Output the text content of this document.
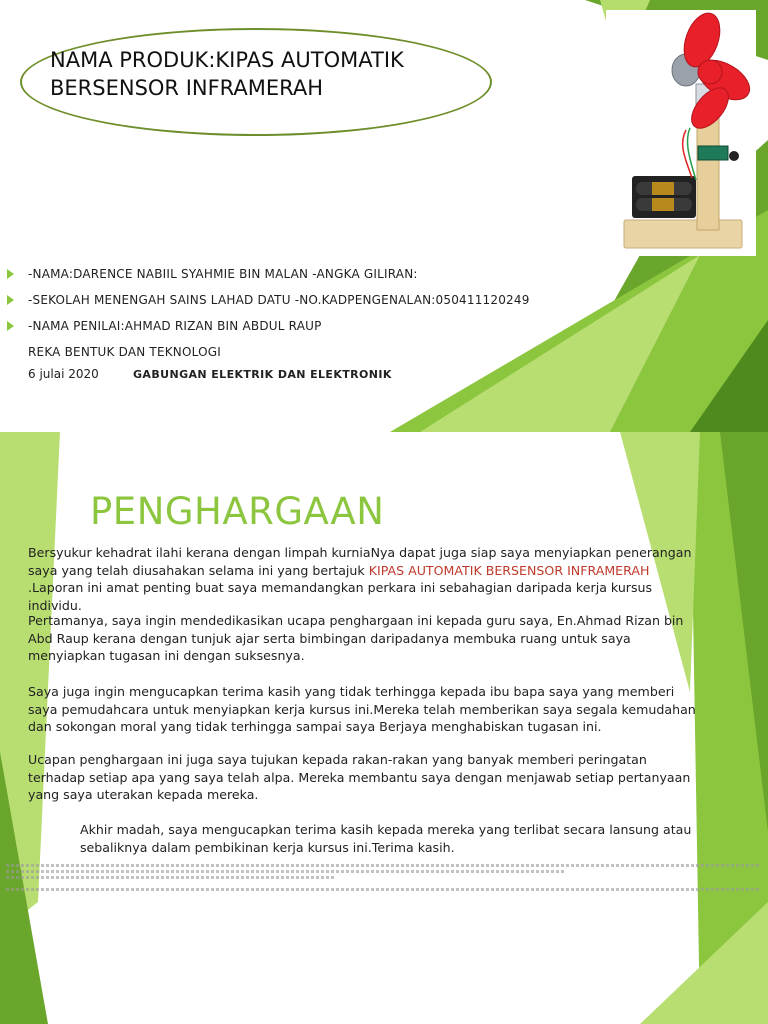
NAMA PRODUK:KIPAS AUTOMATIK
BERSENSOR INFRAMERAH
-NAMA:DARENCE NABIIL SYAHMIE BIN MALAN -ANGKA GILIRAN:
-SEKOLAH MENENGAH SAINS LAHAD DATU -NO.KADPENGENALAN:050411120249
-NAMA PENILAI:AHMAD RIZAN BIN ABDUL RAUP
REKA BENTUK DAN TEKNOLOGI
6 julai 2020	GABUNGAN ELEKTRIK DAN ELEKTRONIK
PENGHARGAAN

Bersyukur kehadrat ilahi kerana dengan limpah kurniaNya dapat juga siap saya menyiapkan penerangan saya yang telah diusahakan selama ini yang bertajuk KIPAS AUTOMATIK BERSENSOR INFRAMERAH .Laporan ini amat penting buat saya memandangkan perkara ini sebahagian daripada kerja kursus individu.

Pertamanya, saya ingin mendedikasikan ucapa penghargaan ini kepada guru saya, En.Ahmad Rizan bin Abd Raup kerana dengan tunjuk ajar serta bimbingan daripadanya membuka ruang untuk saya menyiapkan tugasan ini dengan suksesnya.

Saya juga ingin mengucapkan terima kasih yang tidak terhingga kepada ibu bapa saya yang memberi saya pemudahcara untuk menyiapkan kerja kursus ini.Mereka telah memberikan saya segala kemudahan dan sokongan moral yang tidak terhingga sampai saya Berjaya menghabiskan tugasan ini.

Ucapan penghargaan ini juga saya tujukan kepada rakan-rakan yang banyak memberi peringatan terhadap setiap apa yang saya telah alpa. Mereka membantu saya dengan menjawab setiap pertanyaan yang saya uterakan kepada mereka.

Akhir madah, saya mengucapkan terima kasih kepada mereka yang terlibat secara lansung atau sebaliknya dalam pembikinan kerja kursus ini.Terima kasih.
